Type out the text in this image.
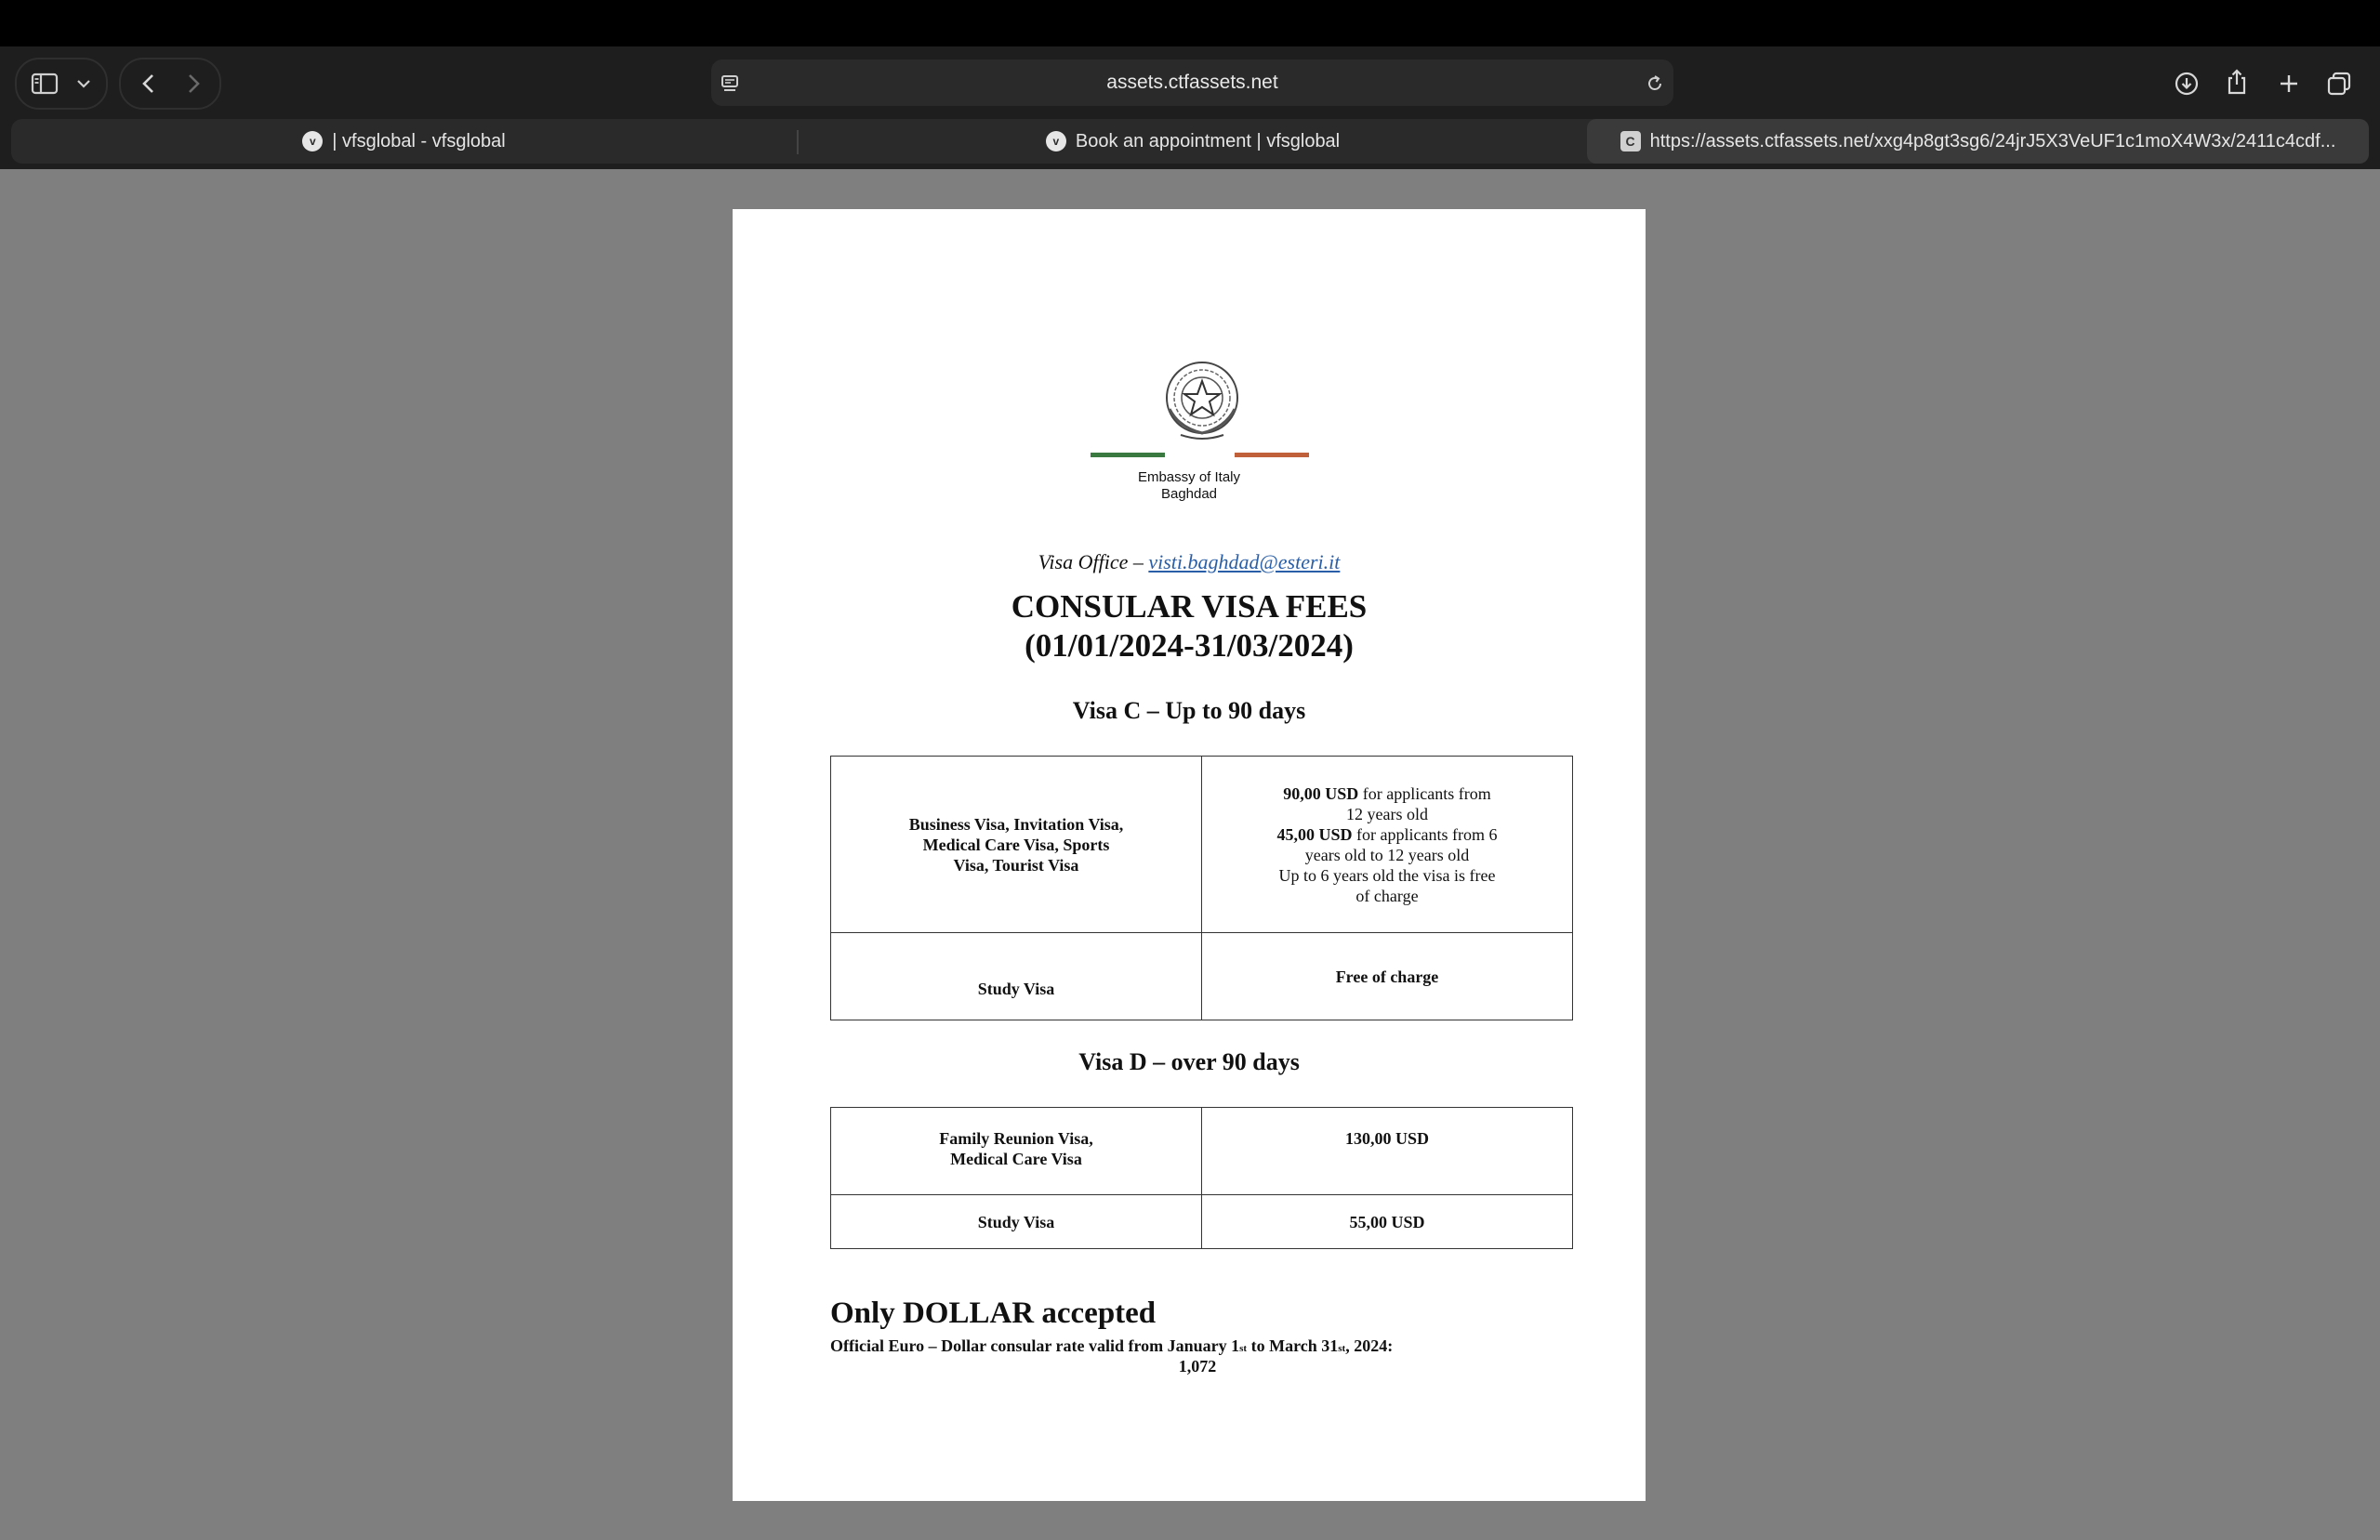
assets.ctfassets.net
v | vfsglobal - vfsglobal	v Book an appointment | vfsglobal	C https://assets.ctfassets.net/xxg4p8gt3sg6/24jrJ5X3VeUF1c1moX4W3x/2411c4cdf...
Embassy of Italy
Baghdad
Visa Office – visti.baghdad@esteri.it
CONSULAR VISA FEES
(01/01/2024-31/03/2024)
Visa C – Up to 90 days
Business Visa, Invitation Visa, Medical Care Visa, Sports Visa, Tourist Visa	90,00 USD for applicants from 12 years old
45,00 USD for applicants from 6 years old to 12 years old
Up to 6 years old the visa is free of charge
Study Visa	Free of charge
Visa D – over 90 days
Family Reunion Visa, Medical Care Visa	130,00 USD
Study Visa	55,00 USD
Only DOLLAR accepted
Official Euro – Dollar consular rate valid from January 1st to March 31st, 2024:
1,072
